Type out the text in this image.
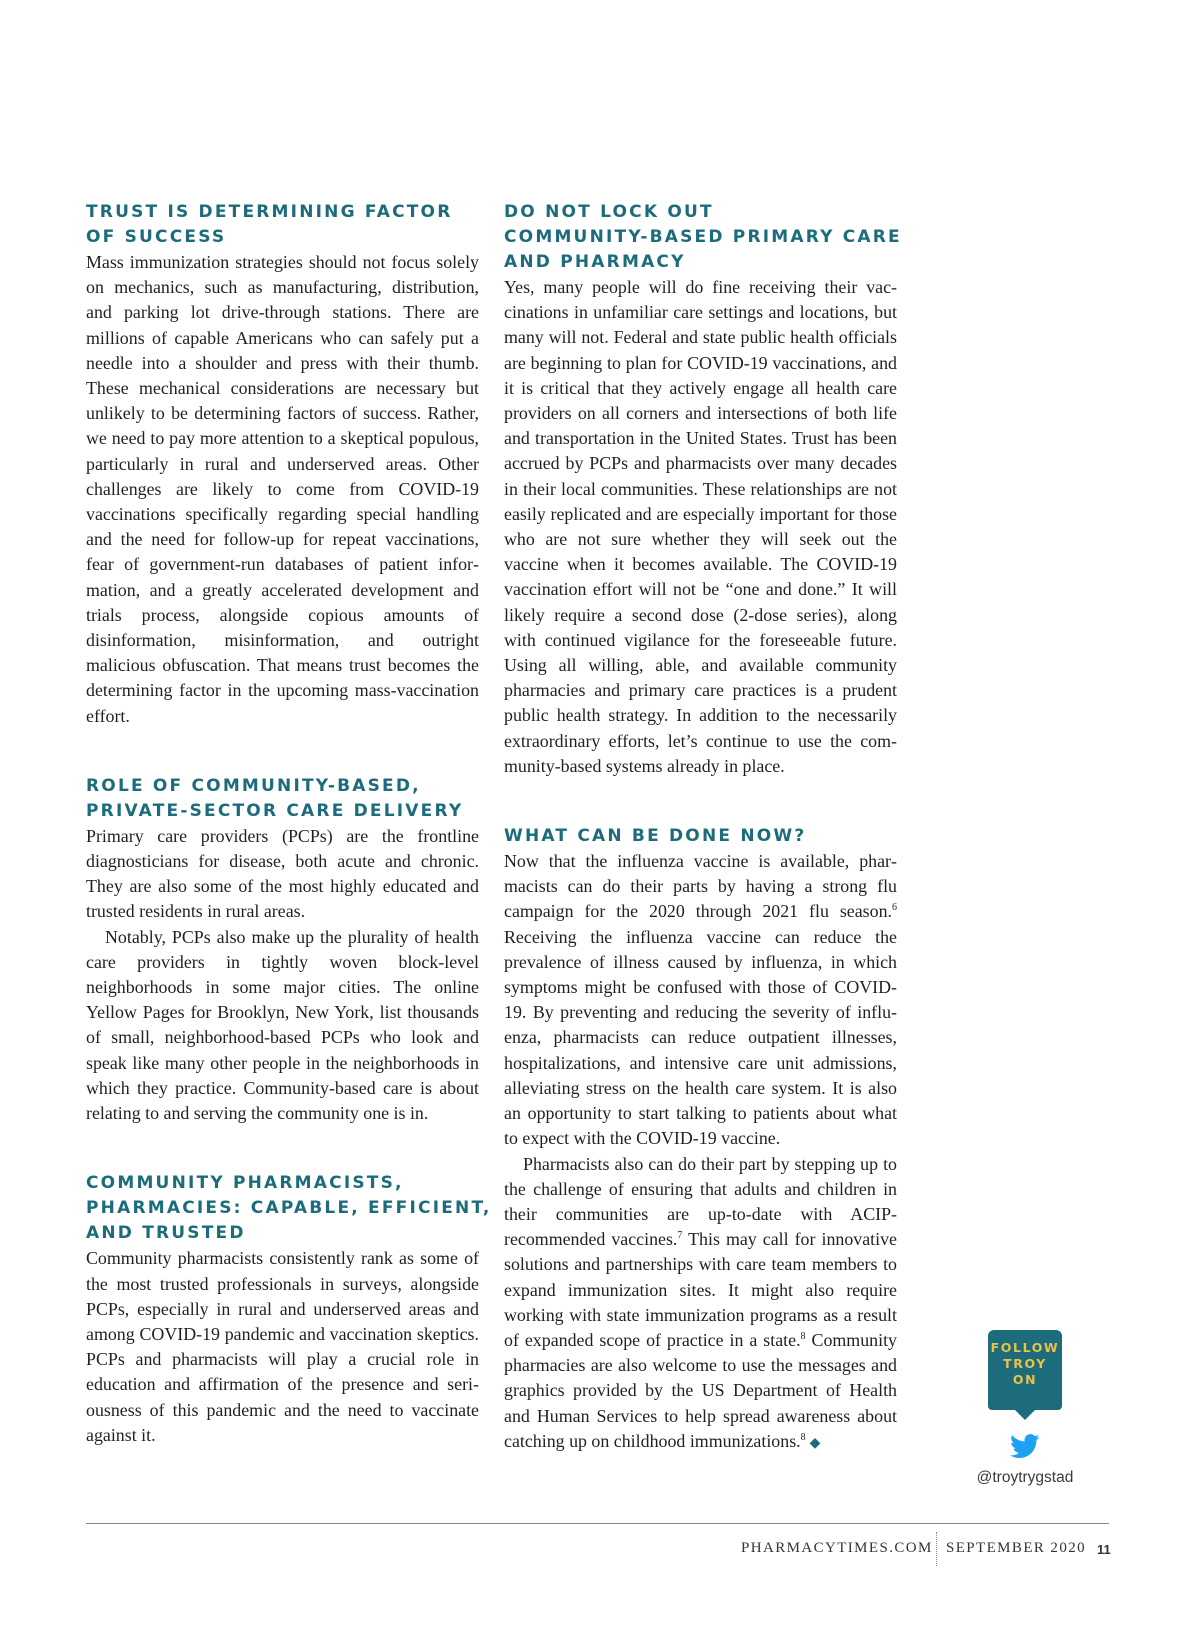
TRUST IS DETERMINING FACTOR
OF SUCCESS

Mass immunization strategies should not focus solely on mechanics, such as manufacturing, distribution, and parking lot drive-through stations. There are millions of capable Americans who can safely put a needle into a shoulder and press with their thumb. These mechanical considerations are necessary but unlikely to be determining factors of success. Rather, we need to pay more attention to a skeptical populous, particularly in rural and underserved areas. Other challenges are likely to come from COVID-19 vaccinations specifically regarding special handling and the need for follow-up for repeat vaccinations, fear of government-run databases of patient information, and a greatly accelerated development and trials process, alongside copious amounts of disinformation, misinformation, and outright malicious obfuscation. That means trust becomes the determining factor in the upcoming mass-vaccination effort.

ROLE OF COMMUNITY-BASED,
PRIVATE-SECTOR CARE DELIVERY

Primary care providers (PCPs) are the frontline diagnosticians for disease, both acute and chronic. They are also some of the most highly educated and trusted residents in rural areas.

Notably, PCPs also make up the plurality of health care providers in tightly woven block-level neighborhoods in some major cities. The online Yellow Pages for Brooklyn, New York, list thousands of small, neighborhood-based PCPs who look and speak like many other people in the neighborhoods in which they practice. Community-based care is about relating to and serving the community one is in.

COMMUNITY PHARMACISTS,
PHARMACIES: CAPABLE, EFFICIENT,
AND TRUSTED

Community pharmacists consistently rank as some of the most trusted professionals in surveys, alongside PCPs, especially in rural and underserved areas and among COVID-19 pandemic and vaccination skeptics. PCPs and pharmacists will play a crucial role in education and affirmation of the presence and seriousness of this pandemic and the need to vaccinate against it.

DO NOT LOCK OUT
COMMUNITY-BASED PRIMARY CARE
AND PHARMACY

Yes, many people will do fine receiving their vaccinations in unfamiliar care settings and locations, but many will not. Federal and state public health officials are beginning to plan for COVID-19 vaccinations, and it is critical that they actively engage all health care providers on all corners and intersections of both life and transportation in the United States. Trust has been accrued by PCPs and pharmacists over many decades in their local communities. These relationships are not easily replicated and are especially important for those who are not sure whether they will seek out the vaccine when it becomes available. The COVID-19 vaccination effort will not be “one and done.” It will likely require a second dose (2-dose series), along with continued vigilance for the foreseeable future. Using all willing, able, and available community pharmacies and primary care practices is a prudent public health strategy. In addition to the necessarily extraordinary efforts, let’s continue to use the community-based systems already in place.

WHAT CAN BE DONE NOW?

Now that the influenza vaccine is available, pharmacists can do their parts by having a strong flu campaign for the 2020 through 2021 flu season.$^6$ Receiving the influenza vaccine can reduce the prevalence of illness caused by influenza, in which symptoms might be confused with those of COVID-19. By preventing and reducing the severity of influenza, pharmacists can reduce outpatient illnesses, hospitalizations, and intensive care unit admissions, alleviating stress on the health care system. It is also an opportunity to start talking to patients about what to expect with the COVID-19 vaccine.

Pharmacists also can do their part by stepping up to the challenge of ensuring that adults and children in their communities are up-to-date with ACIP-recommended vaccines.$^7$ This may call for innovative solutions and partnerships with care team members to expand immunization sites. It might also require working with state immunization programs as a result of expanded scope of practice in a state.$^8$ Community pharmacies are also welcome to use the messages and graphics provided by the US Department of Health and Human Services to help spread awareness about catching up on childhood immunizations.$^8$ ◆

FOLLOW
TROY
ON
@troytrygstad
PHARMACYTIMES.COM SEPTEMBER 2020 11
